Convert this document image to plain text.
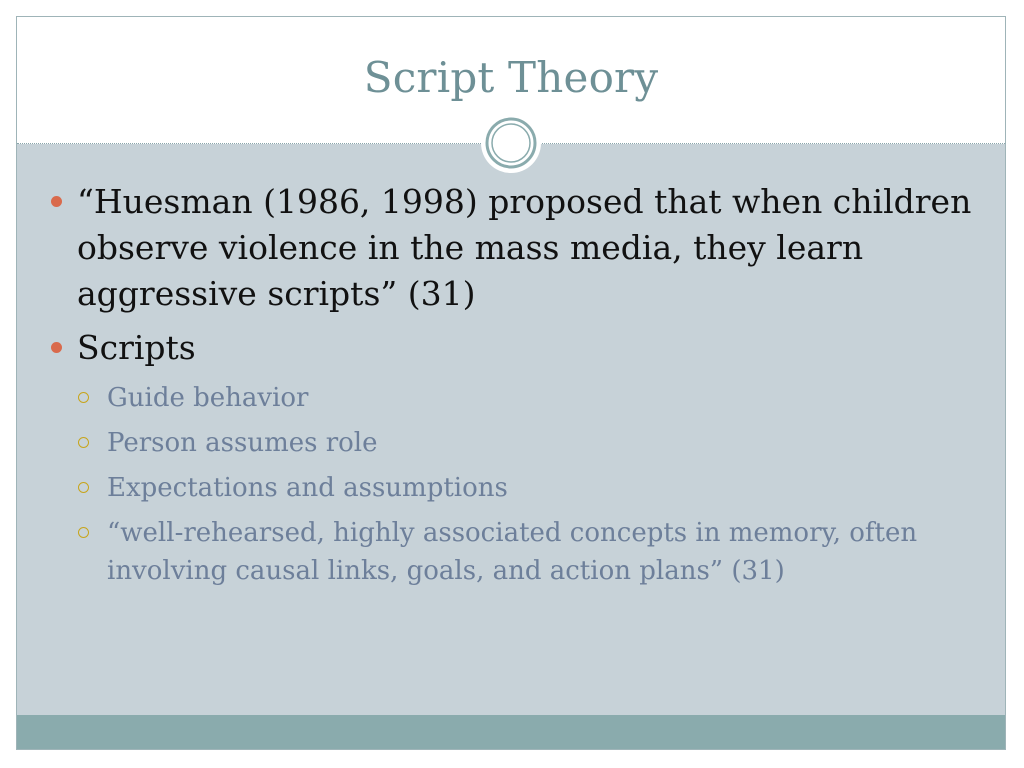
Script Theory
“Huesman (1986, 1998) proposed that when children observe violence in the mass media, they learn aggressive scripts” (31)
Scripts
Guide behavior
Person assumes role
Expectations and assumptions
“well-rehearsed, highly associated concepts in memory, often involving causal links, goals, and action plans” (31)
